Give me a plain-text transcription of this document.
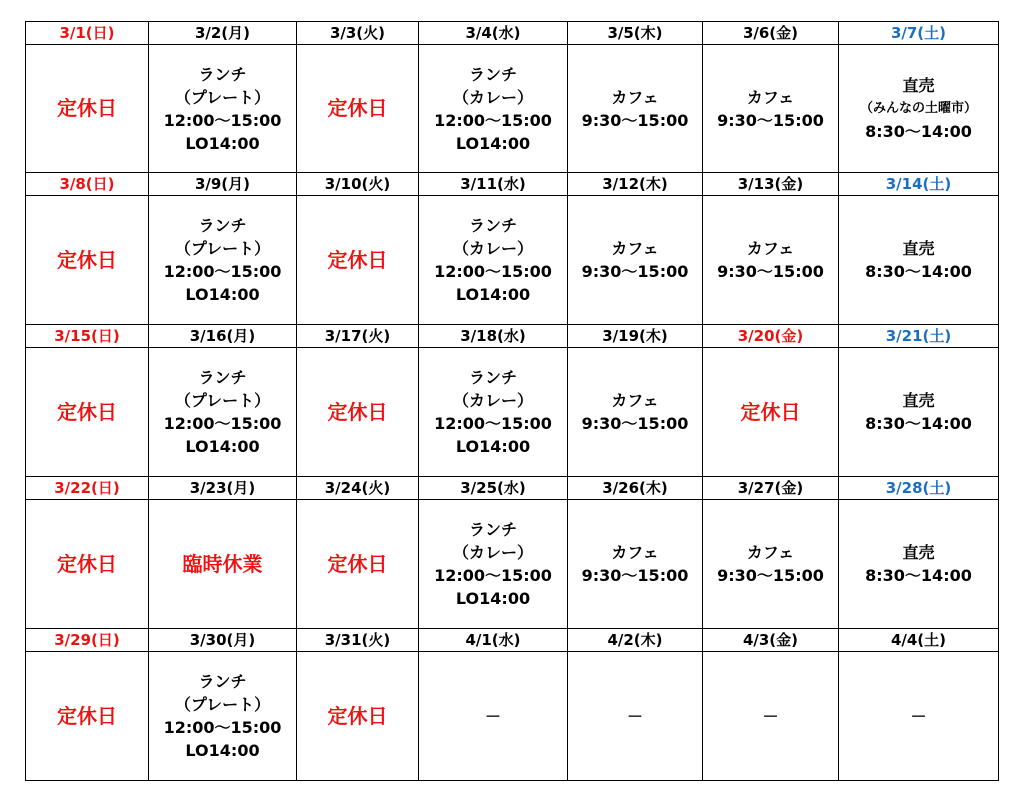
3/1(日)	3/2(月)	3/3(火)	3/4(水)	3/5(木)	3/6(金)	3/7(土)

定休日	ランチ
（プレート）
12:00～15:00
LO14:00	定休日	ランチ
（カレー）
12:00～15:00
LO14:00	カフェ
9:30～15:00	カフェ
9:30～15:00	直売
（みんなの土曜市）
8:30～14:00

3/8(日)	3/9(月)	3/10(火)	3/11(水)	3/12(木)	3/13(金)	3/14(土)

定休日	ランチ
（プレート）
12:00～15:00
LO14:00	定休日	ランチ
（カレー）
12:00～15:00
LO14:00	カフェ
9:30～15:00	カフェ
9:30～15:00	直売
8:30～14:00

3/15(日)	3/16(月)	3/17(火)	3/18(水)	3/19(木)	3/20(金)	3/21(土)

定休日	ランチ
（プレート）
12:00～15:00
LO14:00	定休日	ランチ
（カレー）
12:00～15:00
LO14:00	カフェ
9:30～15:00	定休日	直売
8:30～14:00

3/22(日)	3/23(月)	3/24(火)	3/25(水)	3/26(木)	3/27(金)	3/28(土)

定休日	臨時休業	定休日	ランチ
（カレー）
12:00～15:00
LO14:00	カフェ
9:30～15:00	カフェ
9:30～15:00	直売
8:30～14:00

3/29(日)	3/30(月)	3/31(火)	4/1(水)	4/2(木)	4/3(金)	4/4(土)

定休日	ランチ
（プレート）
12:00～15:00
LO14:00	定休日	－	－	－	－
